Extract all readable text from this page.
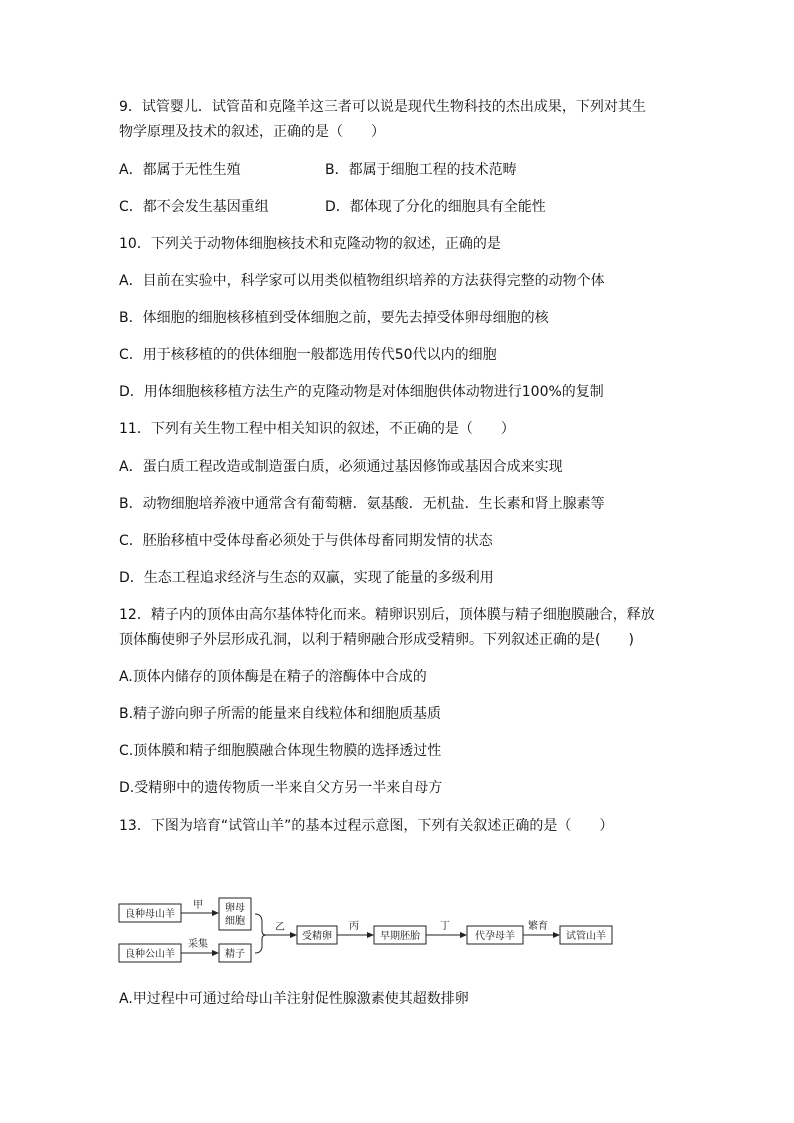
9．试管婴儿．试管苗和克隆羊这三者可以说是现代生物科技的杰出成果，下列对其生
物学原理及技术的叙述，正确的是（　　）
A．都属于无性生殖	B．都属于细胞工程的技术范畴
C．都不会发生基因重组	D．都体现了分化的细胞具有全能性
10．下列关于动物体细胞核技术和克隆动物的叙述，正确的是
A．目前在实验中，科学家可以用类似植物组织培养的方法获得完整的动物个体
B．体细胞的细胞核移植到受体细胞之前，要先去掉受体卵母细胞的核
C．用于核移植的的供体细胞一般都选用传代50代以内的细胞
D．用体细胞核移植方法生产的克隆动物是对体细胞供体动物进行100%的复制
11．下列有关生物工程中相关知识的叙述，不正确的是（　　）
A．蛋白质工程改造或制造蛋白质，必须通过基因修饰或基因合成来实现
B．动物细胞培养液中通常含有葡萄糖．氨基酸．无机盐．生长素和肾上腺素等
C．胚胎移植中受体母畜必须处于与供体母畜同期发情的状态
D．生态工程追求经济与生态的双赢，实现了能量的多级利用
12．精子内的顶体由高尔基体特化而来。精卵识别后，顶体膜与精子细胞膜融合，释放
顶体酶使卵子外层形成孔洞，以利于精卵融合形成受精卵。下列叙述正确的是(　　)
A.顶体内储存的顶体酶是在精子的溶酶体中合成的
B.精子游向卵子所需的能量来自线粒体和细胞质基质
C.顶体膜和精子细胞膜融合体现生物膜的选择透过性
D.受精卵中的遗传物质一半来自父方另一半来自母方
13．下图为培育“试管山羊”的基本过程示意图，下列有关叙述正确的是（　　）
良种母山羊
良种公山羊
甲
采集
卵母
细胞
精子
乙
受精卵
丙
早期胚胎
丁
代孕母羊
繁育
试管山羊
A.甲过程中可通过给母山羊注射促性腺激素使其超数排卵
